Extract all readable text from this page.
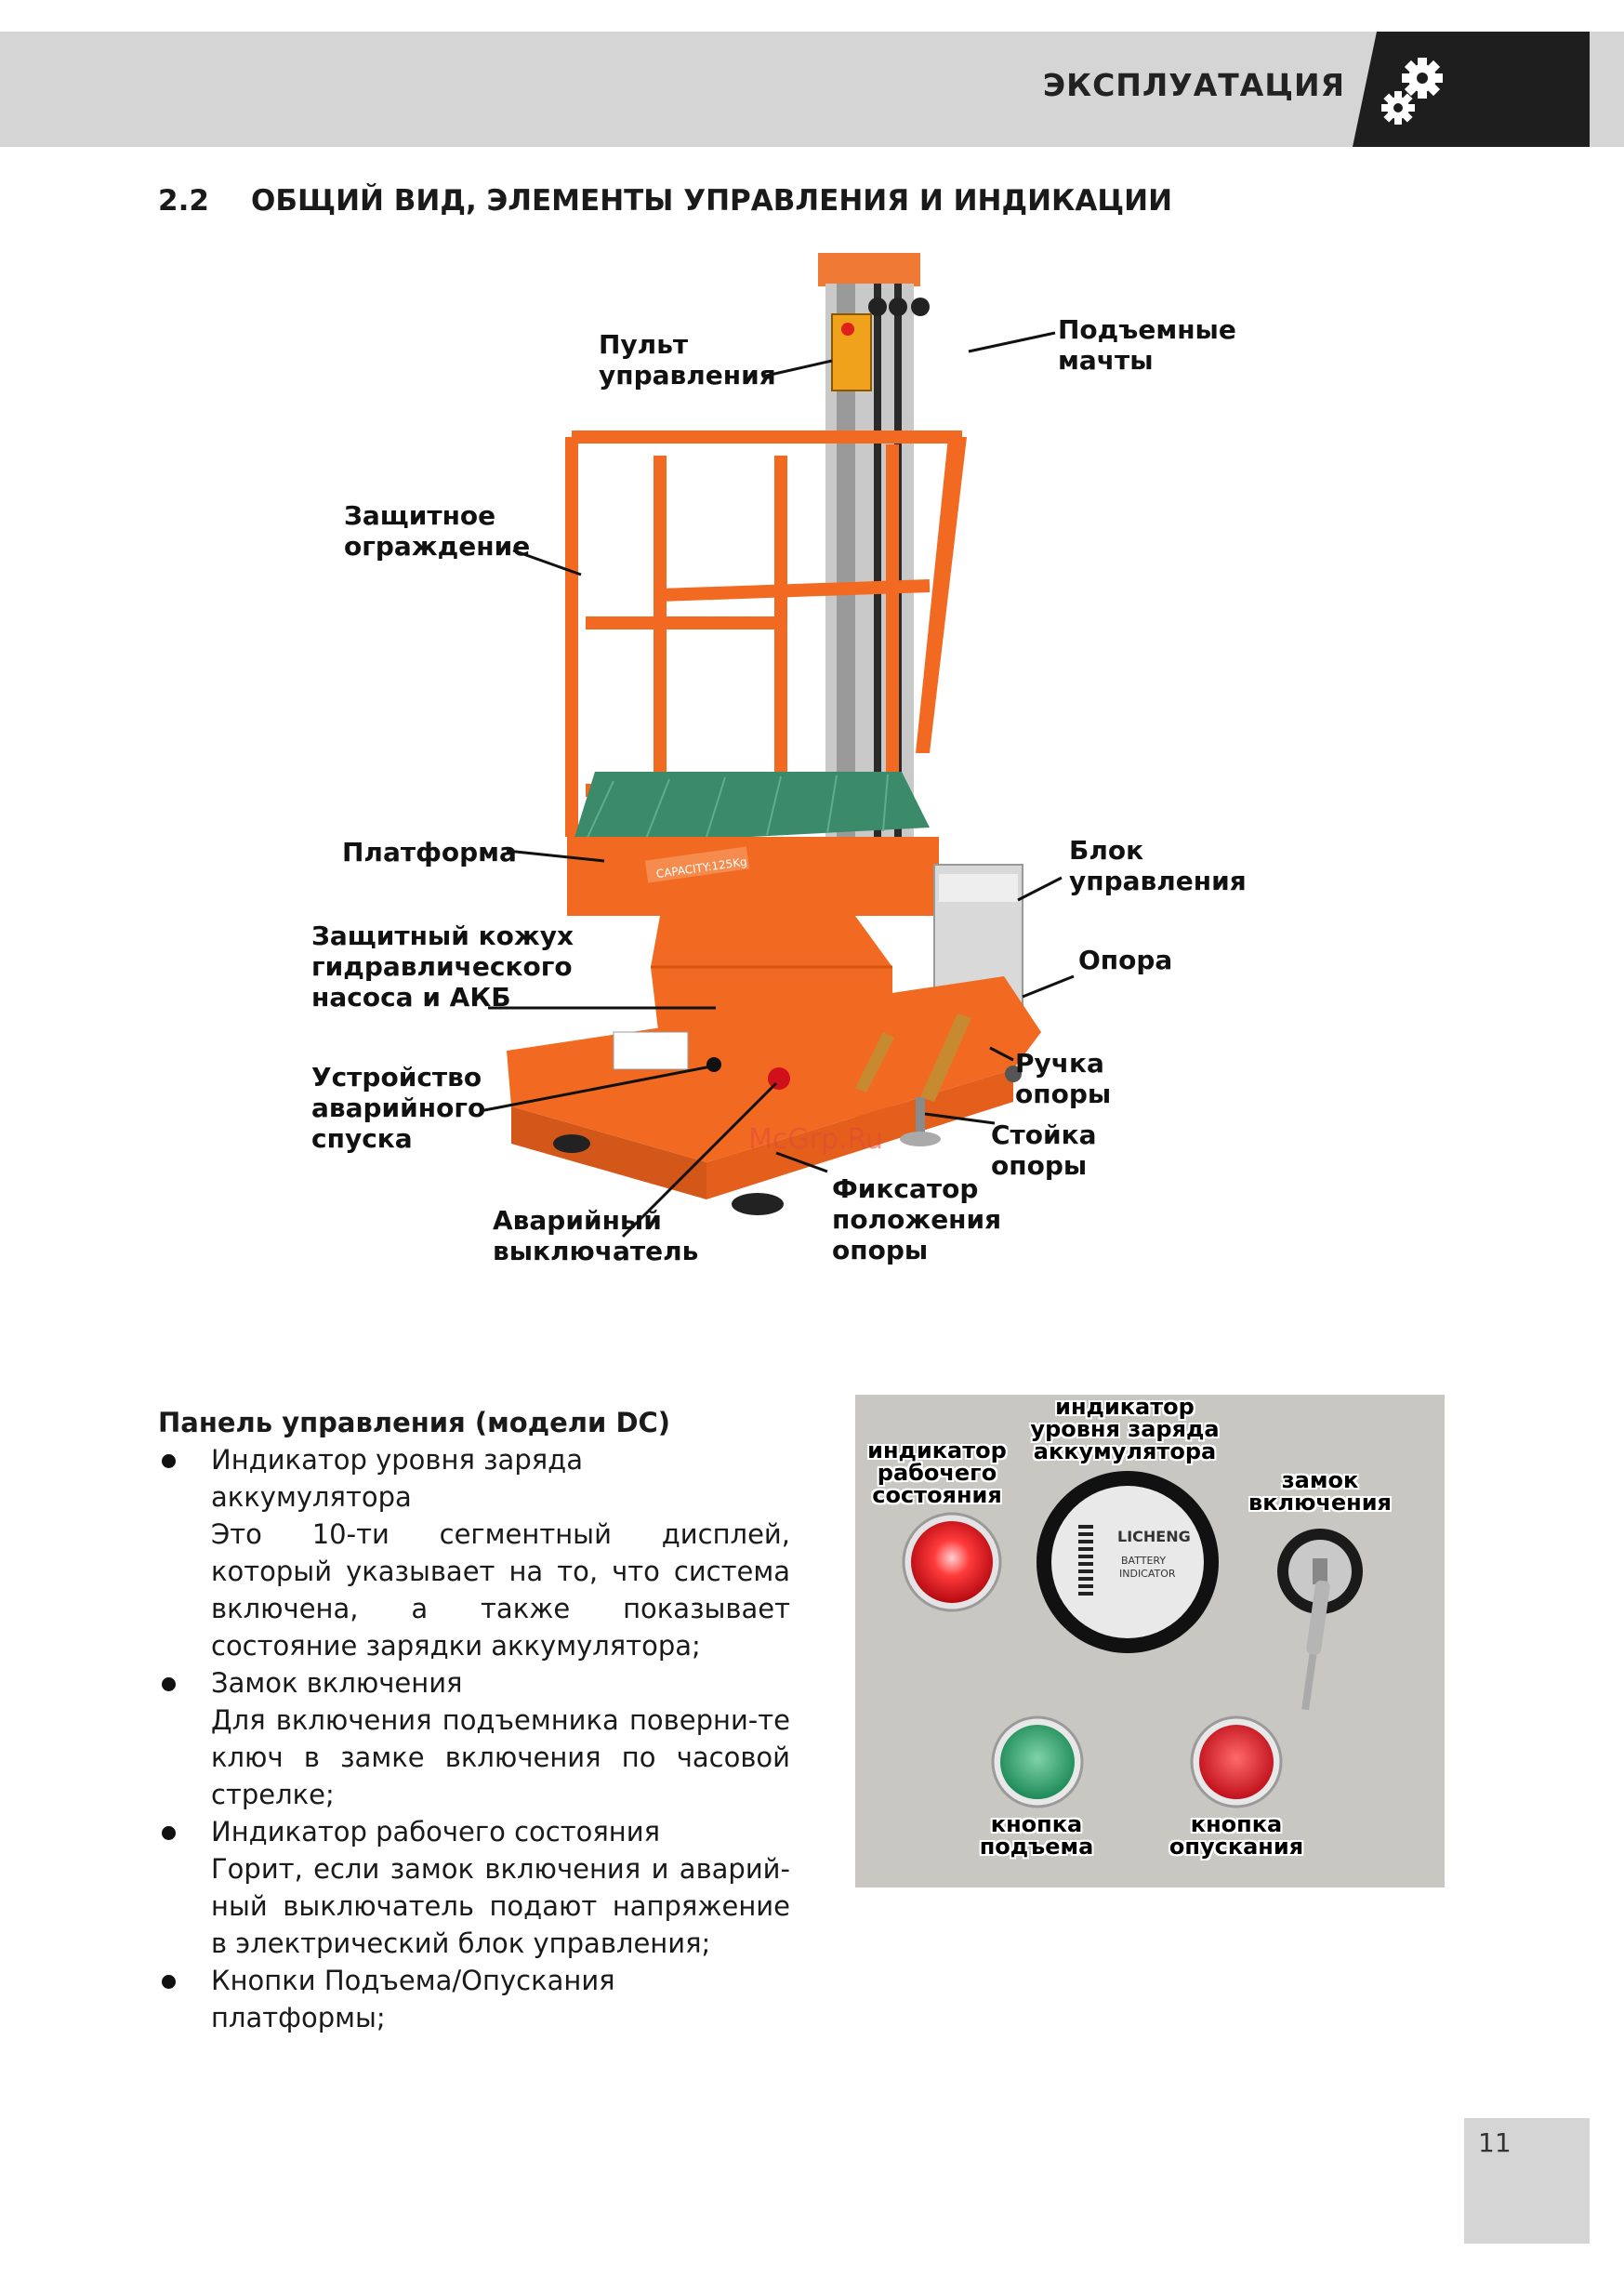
ЭКСПЛУАТАЦИЯ
2.2 ОБЩИЙ ВИД, ЭЛЕМЕНТЫ УПРАВЛЕНИЯ И ИНДИКАЦИИ
CAPACITY:125Kg
McGrp.Ru
Пульт
управления
Подъемные
мачты
Защитное
ограждение
Платформа	Блок
управления
Опора
Защитный кожух
гидравлического
насоса и АКБ
Ручка
опоры
Устройство
аварийного
спуска	Стойка
опоры
Аварийный
выключатель
Фиксатор
положения
опоры
Панель управления (модели DC)
Индикатор уровня заряда аккумулятора
Это 10-ти сегментный дисплей, который указывает на то, что система включена, а также показывает состояние зарядки аккумулятора;
Замок включения
Для включения подъемника поверни-те ключ в замке включения по часовой стрелке;
Индикатор рабочего состояния
Горит, если замок включения и аварий-ный выключатель подают напряжение в электрический блок управления;
Кнопки Подъема/Опускания платформы;
LICHENG
BATTERY
INDICATOR
индикатор
рабочего
состояния
индикатор
уровня заряда
аккумулятора
замок
включения
кнопка
подъема
кнопка
опускания
11
